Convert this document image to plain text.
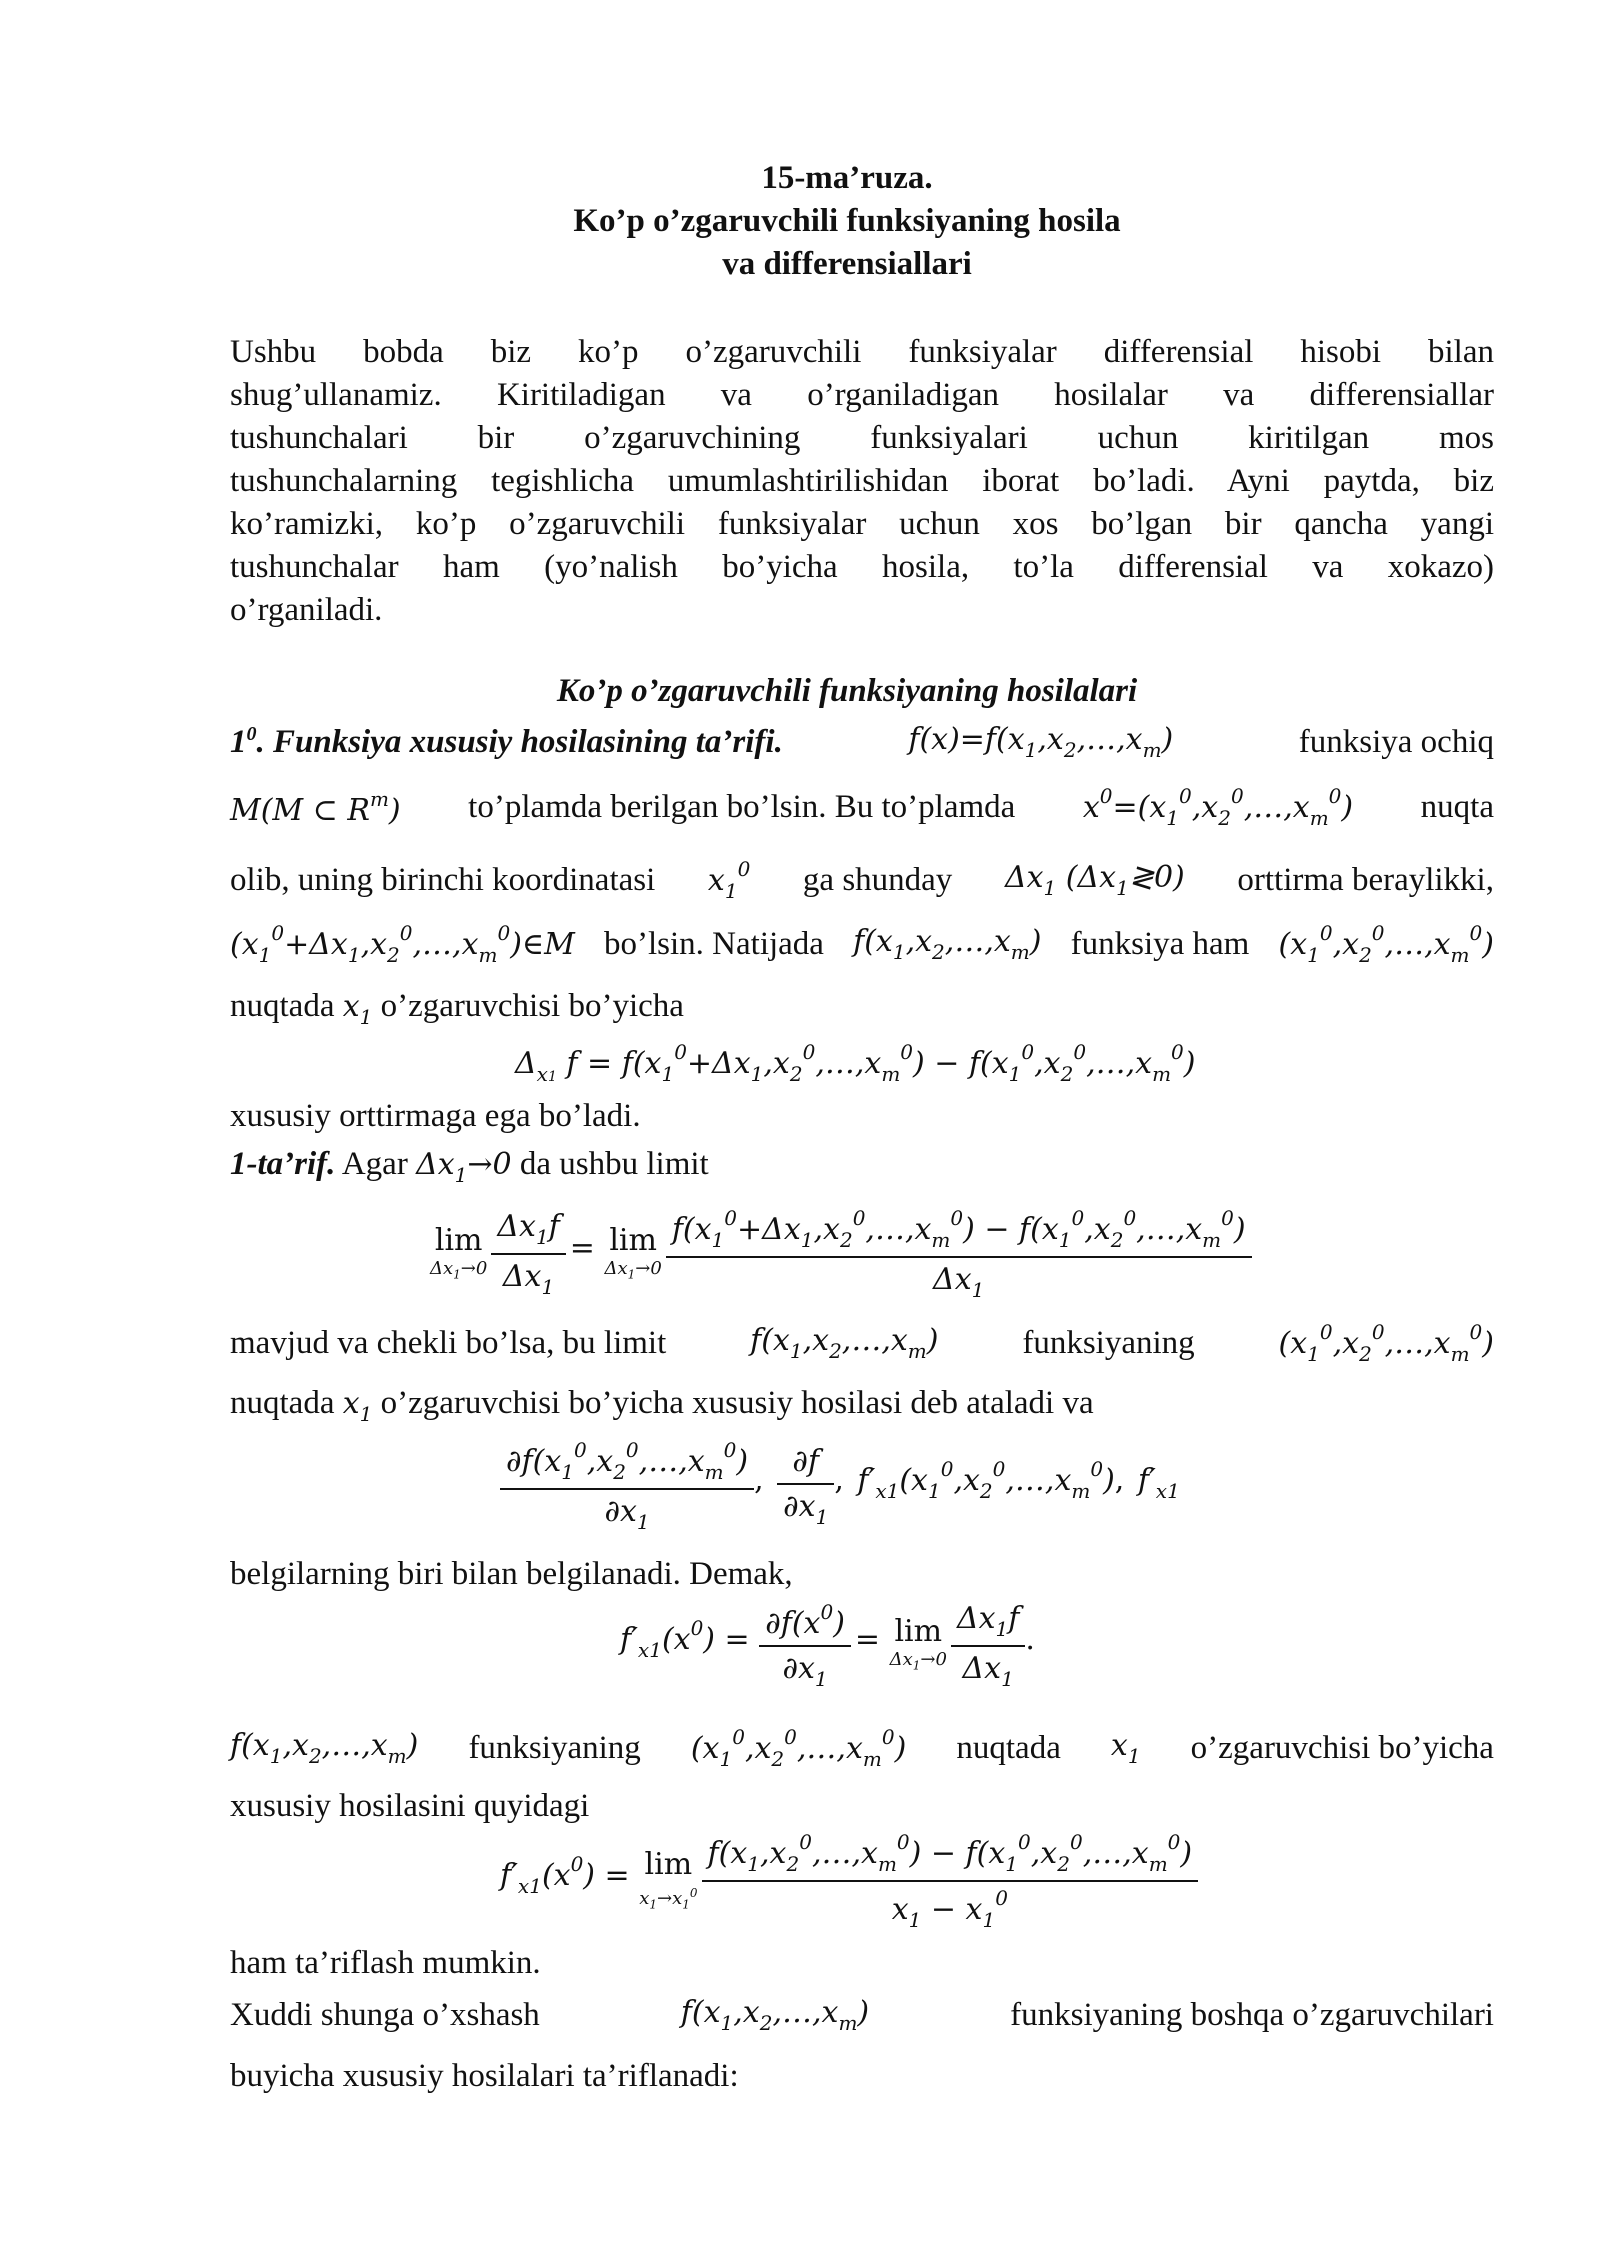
15-ma’ruza.
Ko’p o’zgaruvchili funksiyaning hosila
va differensiallari
Ushbu bobda biz ko’p o’zgaruvchili funksiyalar differensial hisobi bilan
shug’ullanamiz. Kiritiladigan va o’rganiladigan hosilalar va differensiallar
tushunchalari bir o’zgaruvchining funksiyalari uchun kiritilgan mos
tushunchalarning tegishlicha umumlashtirilishidan iborat bo’ladi. Ayni paytda, biz
ko’ramizki, ko’p o’zgaruvchili funksiyalar uchun xos bo’lgan bir qancha yangi
tushunchalar ham (yo’nalish bo’yicha hosila, to’la differensial va xokazo)
o’rganiladi.
Ko’p o’zgaruvchili funksiyaning hosilalari
$1^0$. Funksiya xususiy hosilasining ta’rifi.	$f(x)=f(x_1,x_2,\dots,x_m)$	funksiya ochiq
M(M ⊂ $R^m$) to’plamda berilgan bo’lsin. Bu to’plamda $x^0=(x_1^0,x_2^0,\dots,x_m^0)$ nuqta
olib, uning birinchi koordinatasi $x_1^0$ ga shunday $\Delta x_1$ $(\Delta x_1≷0)$ orttirma beraylikki,
$(x_1^0+\Delta x_1,x_2^0,\dots,x_m^0)\in M$ bo’lsin. Natijada $f(x_1,x_2,\dots,x_m)$ funksiya ham $(x_1^0,x_2^0,\dots,x_m^0)$
nuqtada $x_1$ o’zgaruvchisi bo’yicha
$\Delta_{x1}$ $f = f(x_1^0+\Delta x_1,x_2^0,\dots,x_m^0)$ − $f(x_1^0,x_2^0,\dots,x_m^0)$
xususiy orttirmaga ega bo’ladi.
1-ta’rif. Agar $\Delta x_1\to 0$ da ushbu limit
lim
$\Delta x_1\to 0$
$\frac{\Delta x_1f}{\Delta x_1} = \lim$
$\Delta x_1\to 0$
$\frac{f(x_1^0+\Delta x_1,x_2^0,\dots,x_m^0) - f(x_1^0,x_2^0,\dots,x_m^0)}{\Delta x_1}$
mavjud va chekli bo’lsa, bu limit	$f(x_1,x_2,\dots,x_m)$	funksiyaning	$(x_1^0,x_2^0,\dots,x_m^0)$
nuqtada $x_1$ o’zgaruvchisi bo’yicha xususiy hosilasi deb ataladi va
$\frac{\partial f(x_1^0,x_2^0,\dots,x_m^0)}{\partial x_1}$ , $\frac{\partial f}{\partial x_1}$ ,  $f'_{x1}(x_1^0,x_2^0,\dots,x_m^0)$,  $f'_{x1}$
belgilarning biri bilan belgilanadi. Demak,
$f'_{x1}(x^0) = \frac{\partial f(x^0)}{\partial x_1} = \lim$
$\Delta x_1\to 0$
$\frac{\Delta x_1f}{\Delta x_1}$ .
$f(x_1,x_2,\dots,x_m)$ funksiyaning $(x_1^0,x_2^0,\dots,x_m^0)$ nuqtada $x_1$ o’zgaruvchisi bo’yicha
xususiy hosilasini quyidagi
$f'_{x1}(x^0) = \lim$
$x_1\to x_1^0$
$\frac{f(x_1,x_2^0,\dots,x_m^0) - f(x_1^0,x_2^0,\dots,x_m^0)}{x_1 - x_1^0}$
ham ta’riflash mumkin.
Xuddi shunga o’xshash	$f(x_1,x_2,\dots,x_m)$	funksiyaning boshqa o’zgaruvchilari
buyicha xususiy hosilalari ta’riflanadi:
